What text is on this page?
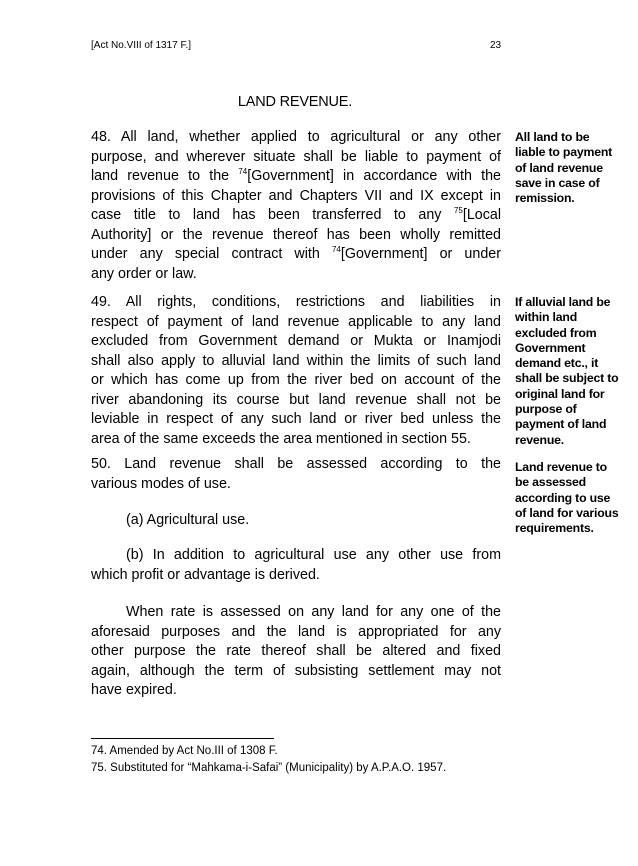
[Act No.VIII of 1317 F.]	23
LAND REVENUE.
48. All land, whether applied to agricultural or any other
purpose, and wherever situate shall be liable to payment of
land revenue to the $^{74}$[Government] in accordance with the
provisions of this Chapter and Chapters VII and IX except in
case title to land has been transferred to any $^{75}$[Local
Authority] or the revenue thereof has been wholly remitted
under any special contract with $^{74}$[Government] or under
any order or law.
All land to be
liable to payment
of land revenue
save in case of
remission.
49. All rights, conditions, restrictions and liabilities in
respect of payment of land revenue applicable to any land
excluded from Government demand or Mukta or Inamjodi
shall also apply to alluvial land within the limits of such land
or which has come up from the river bed on account of the
river abandoning its course but land revenue shall not be
leviable in respect of any such land or river bed unless the
area of the same exceeds the area mentioned in section 55.
If alluvial land be
within land
excluded from
Government
demand etc., it
shall be subject to
original land for
purpose of
payment of land
revenue.
50. Land revenue shall be assessed according to the
various modes of use.
(a) Agricultural use.
(b) In addition to agricultural use any other use from
which profit or advantage is derived.
When rate is assessed on any land for any one of the
aforesaid purposes and the land is appropriated for any
other purpose the rate thereof shall be altered and fixed
again, although the term of subsisting settlement may not
have expired.
Land revenue to
be assessed
according to use
of land for various
requirements.
74. Amended by Act No.III of 1308 F.
75. Substituted for “Mahkama-i-Safai” (Municipality) by A.P.A.O. 1957.
